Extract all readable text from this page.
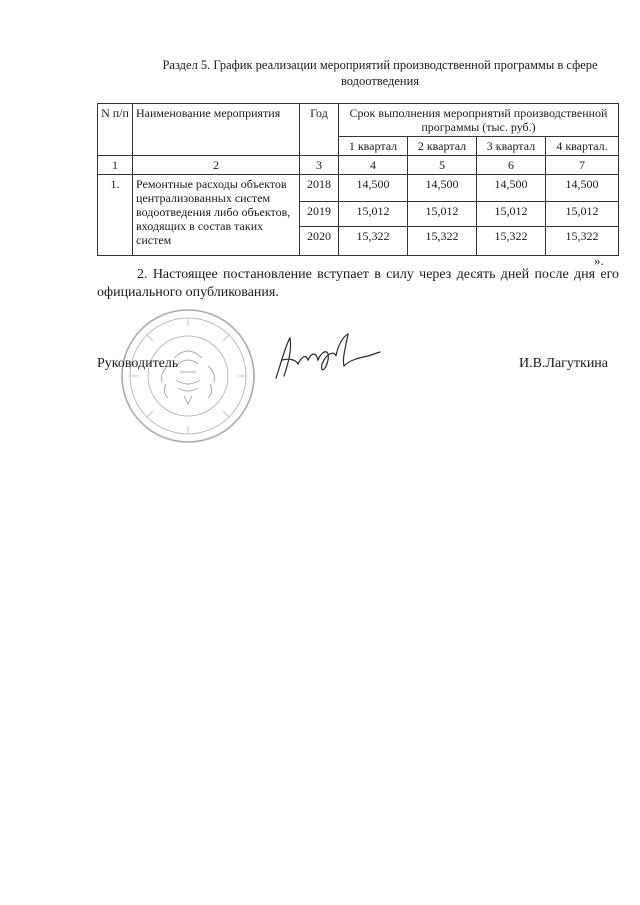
Раздел 5. График реализации мероприятий производственной программы в сфере водоотведения
N п/п	Наименование мероприятия	Год	Срок выполнения мероприятий производственной программы (тыс. руб.)			
			1 квартал	2 квартал	3 квартал	4 квартал.
1	2	3	4	5	6	7
1.	Ремонтные расходы объектов централизованных систем водоотведения либо объектов, входящих в состав таких систем	2018	14,500	14,500	14,500	14,500
		2019	15,012	15,012	15,012	15,012
		2020	15,322	15,322	15,322	15,322
».
2. Настоящее постановление вступает в силу через десять дней после дня его официального опубликования.
Руководитель	И.В.Лагуткина
